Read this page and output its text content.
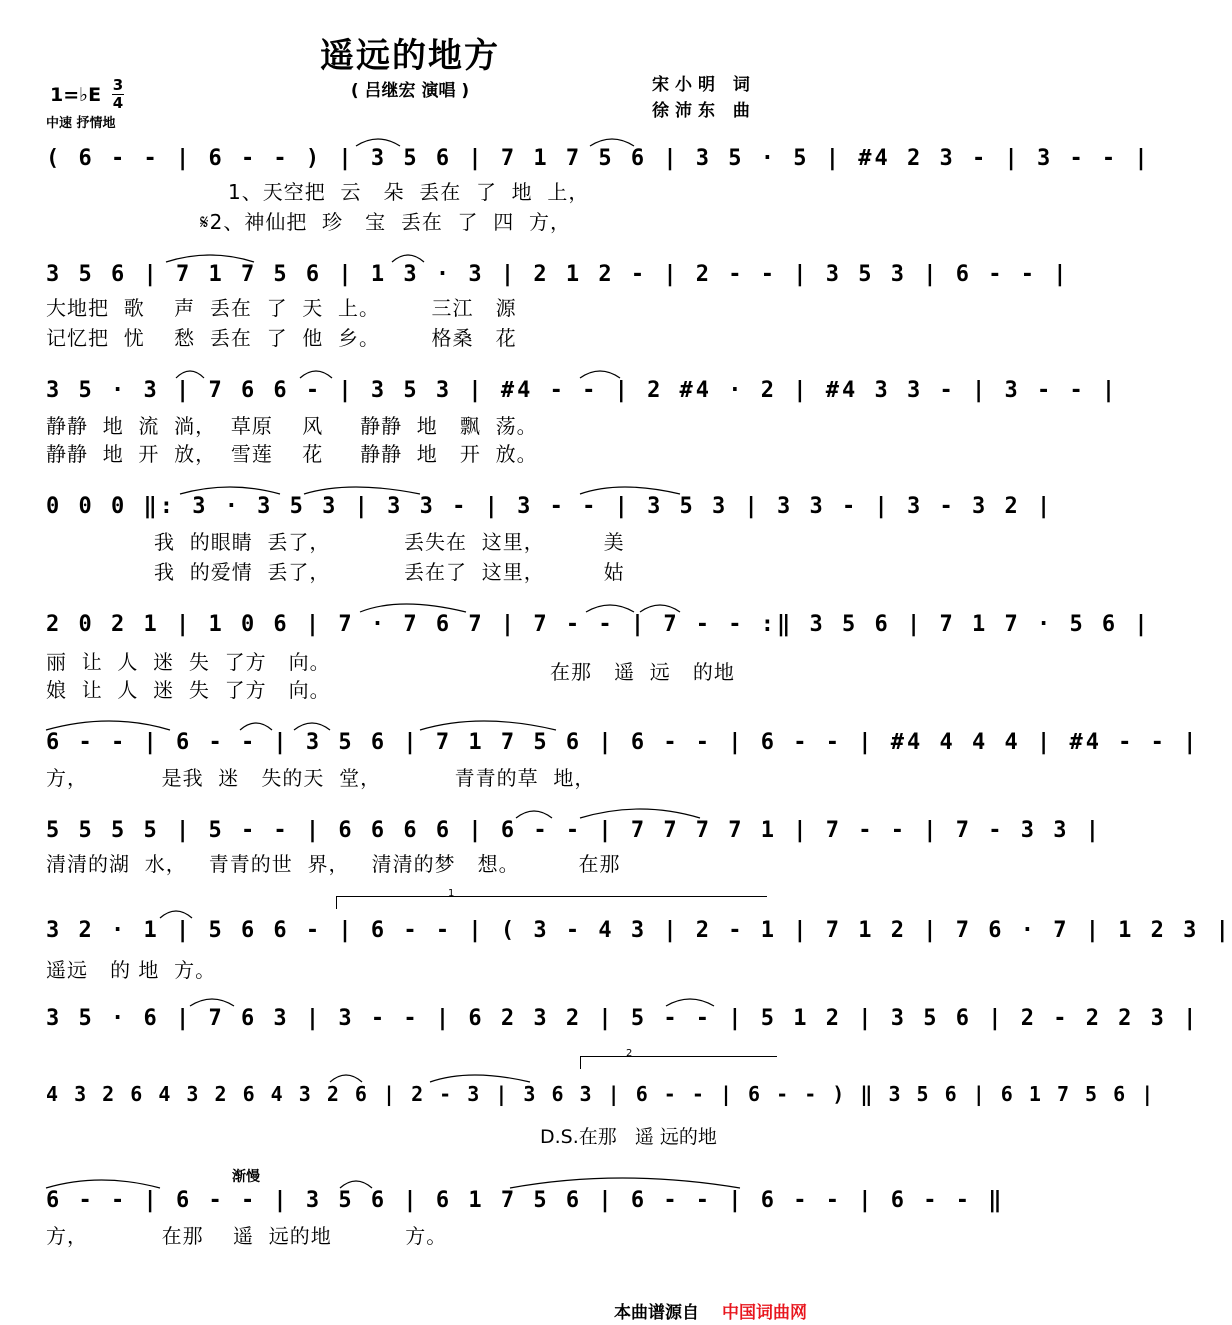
遥远的地方
( 吕继宏 演唱 )	宋小明 词
徐沛东 曲
1=♭E 3
4
中速 抒情地
( 6 - - | 6 - - ) | 3 5 6 | 7 1 7 5 6 | 3 5 · 5 | #4 2 3 - | 3 - - |
1、天空把  云   朵  丢在  了  地  上，
𝄋2、神仙把  珍   宝  丢在  了  四  方，
3 5 6 | 7 1 7 5 6 | 1 3 · 3 | 2 1 2 - | 2 - - | 3 5 3 | 6 - - |
大地把  歌    声  丢在  了  天  上。       三江   源
记忆把  忧    愁  丢在  了  他  乡。       格桑   花
3 5 · 3 | 7 6 6 - | 3 5 3 | #4 - - | 2 #4 · 2 | #4 3 3 - | 3 - - |
静静  地  流  淌，  草原    风     静静  地   飘  荡。
静静  地  开  放，  雪莲    花     静静  地   开  放。
0 0 0 ‖: 3 · 3 5 3 | 3 3 - | 3 - - | 3 5 3 | 3 3 - | 3 - 3 2 |
我  的眼睛  丢了，          丢失在  这里，        美
我  的爱情  丢了，          丢在了  这里，        姑
2 0 2 1 | 1 0 6 | 7 · 7 6 7 | 7 - - | 7 - - :‖ 3 5 6 | 7 1 7 · 5 6 |
丽  让  人  迷  失  了方   向。
娘  让  人  迷  失  了方   向。
在那   遥  远   的地
6 - - | 6 - - | 3 5 6 | 7 1 7 5 6 | 6 - - | 6 - - | #4 4 4 4 | #4 - - |
方，          是我  迷   失的天  堂，          青青的草  地，
5 5 5 5 | 5 - - | 6 6 6 6 | 6 - - | 7 7 7 7 1 | 7 - - | 7 - 3 3 |
清清的湖  水，   青青的世  界，   清清的梦   想。        在那
1
3 2 · 1 | 5 6 6 - | 6 - - | ( 3 - 4 3 | 2 - 1 | 7 1 2 | 7 6 · 7 | 1 2 3 |
遥远   的 地  方。
3 5 · 6 | 7 6 3 | 3 - - | 6 2 3 2 | 5 - - | 5 1 2 | 3 5 6 | 2 - 2 2 3 |
2
4 3 2 6 4 3 2 6 4 3 2 6 | 2 - 3 | 3 6 3 | 6 - - | 6 - - ) ‖ 3 5 6 | 6 1 7 5 6 |
D.S.在那   遥 远的地
渐慢
6 - - | 6 - - | 3 5 6 | 6 1 7 5 6 | 6 - - | 6 - - | 6 - - ‖
方，          在那    遥  远的地          方。
本曲谱源自 中国词曲网
